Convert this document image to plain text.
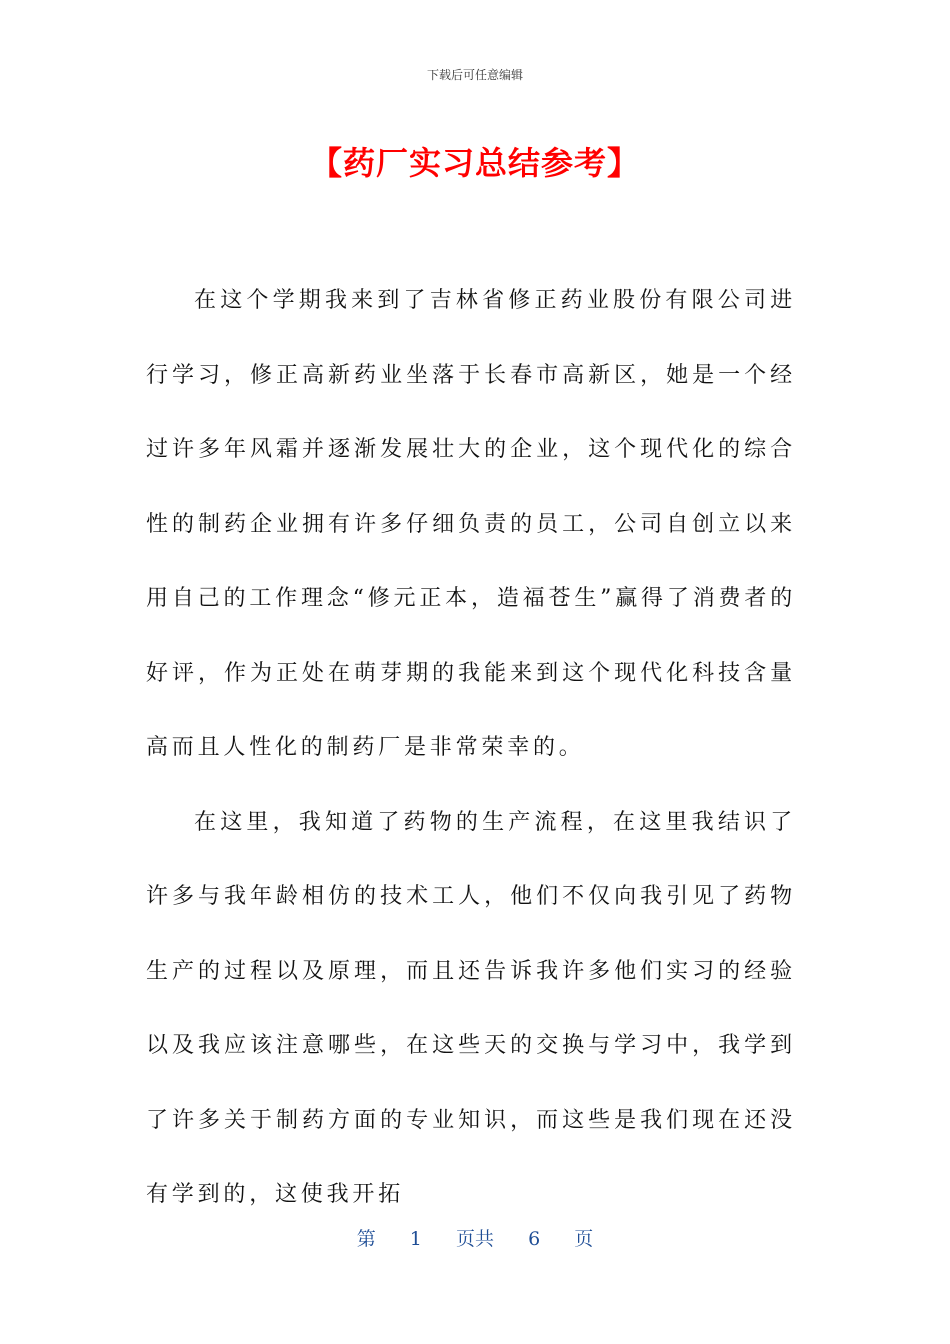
下载后可任意编辑
【药厂实习总结参考】

在这个学期我来到了吉林省修正药业股份有限公司进行学习，修正高新药业坐落于长春市高新区，她是一个经过许多年风霜并逐渐发展壮大的企业，这个现代化的综合性的制药企业拥有许多仔细负责的员工，公司自创立以来用自己的工作理念“修元正本，造福苍生”赢得了消费者的好评，作为正处在萌芽期的我能来到这个现代化科技含量高而且人性化的制药厂是非常荣幸的。

在这里，我知道了药物的生产流程，在这里我结识了许多与我年龄相仿的技术工人，他们不仅向我引见了药物生产的过程以及原理，而且还告诉我许多他们实习的经验以及我应该注意哪些，在这些天的交换与学习中，我学到了许多关于制药方面的专业知识，而这些是我们现在还没有学到的，这使我开拓

第 1 页共 6 页
